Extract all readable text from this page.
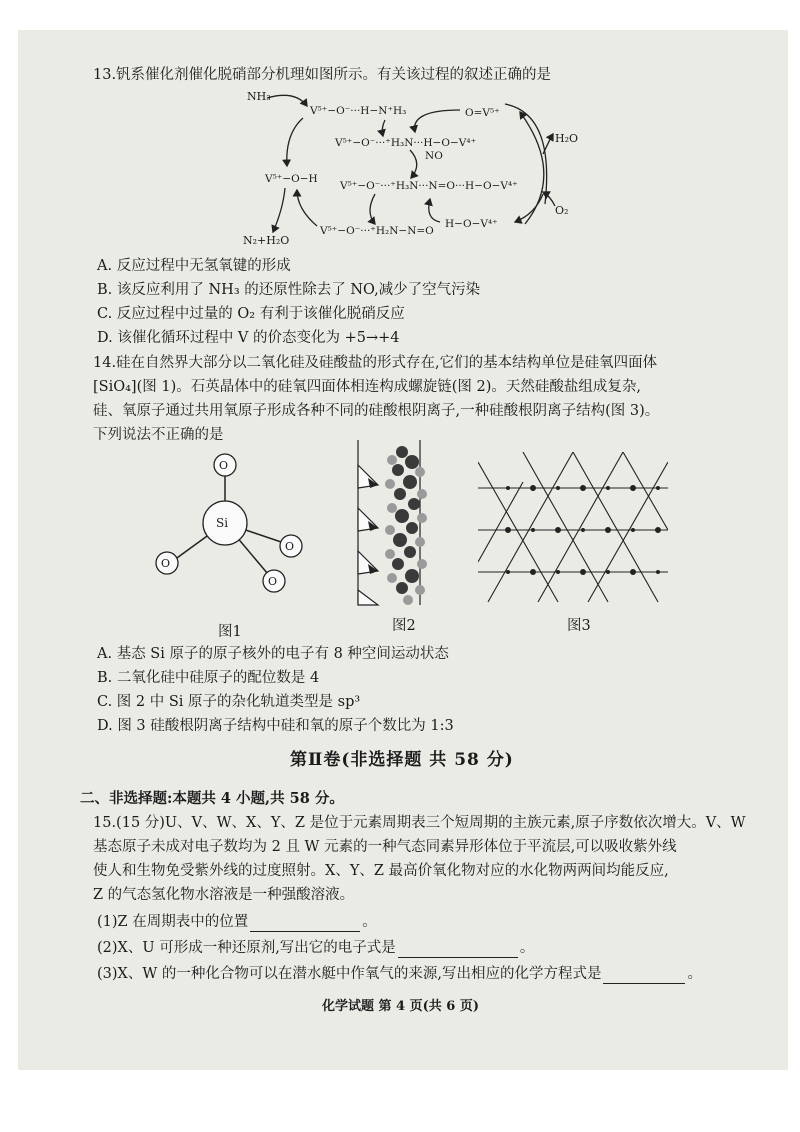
13.钒系催化剂催化脱硝部分机理如图所示。有关该过程的叙述正确的是
NH₃
V⁵⁺−O⁻···H−N⁺H₃
V⁵⁺−O⁻···⁺H₃N···H−O−V⁴⁺
V⁵⁺−O⁻···⁺H₃N···N=O···H−O−V⁴⁺
V⁵⁺−O⁻···⁺H₂N−N=O
V⁵⁺−O−H
N₂+H₂O
O=V⁵⁺
NO
H₂O
O₂
H−O−V⁴⁺
A. 反应过程中无氢氧键的形成
B. 该反应利用了 NH₃ 的还原性除去了 NO,减少了空气污染
C. 反应过程中过量的 O₂ 有利于该催化脱硝反应
D. 该催化循环过程中 V 的价态变化为 +5→+4
14.硅在自然界大部分以二氧化硅及硅酸盐的形式存在,它们的基本结构单位是硅氧四面体
[SiO₄](图 1)。石英晶体中的硅氧四面体相连构成螺旋链(图 2)。天然硅酸盐组成复杂,
硅、氧原子通过共用氧原子形成各种不同的硅酸根阴离子,一种硅酸根阴离子结构(图 3)。
下列说法不正确的是
O
Si
O
O
O
图1	图2	图3
A. 基态 Si 原子的原子核外的电子有 8 种空间运动状态
B. 二氧化硅中硅原子的配位数是 4
C. 图 2 中 Si 原子的杂化轨道类型是 sp³
D. 图 3 硅酸根阴离子结构中硅和氧的原子个数比为 1:3
第Ⅱ卷(非选择题 共 58 分)
二、非选择题:本题共 4 小题,共 58 分。
15.(15 分)U、V、W、X、Y、Z 是位于元素周期表三个短周期的主族元素,原子序数依次增大。V、W
基态原子未成对电子数均为 2 且 W 元素的一种气态同素异形体位于平流层,可以吸收紫外线
使人和生物免受紫外线的过度照射。X、Y、Z 最高价氧化物对应的水化物两两间均能反应,
Z 的气态氢化物水溶液是一种强酸溶液。
(1)Z 在周期表中的位置	。
(2)X、U 可形成一种还原剂,写出它的电子式是	。
(3)X、W 的一种化合物可以在潜水艇中作氧气的来源,写出相应的化学方程式是	。
化学试题 第 4 页(共 6 页)
